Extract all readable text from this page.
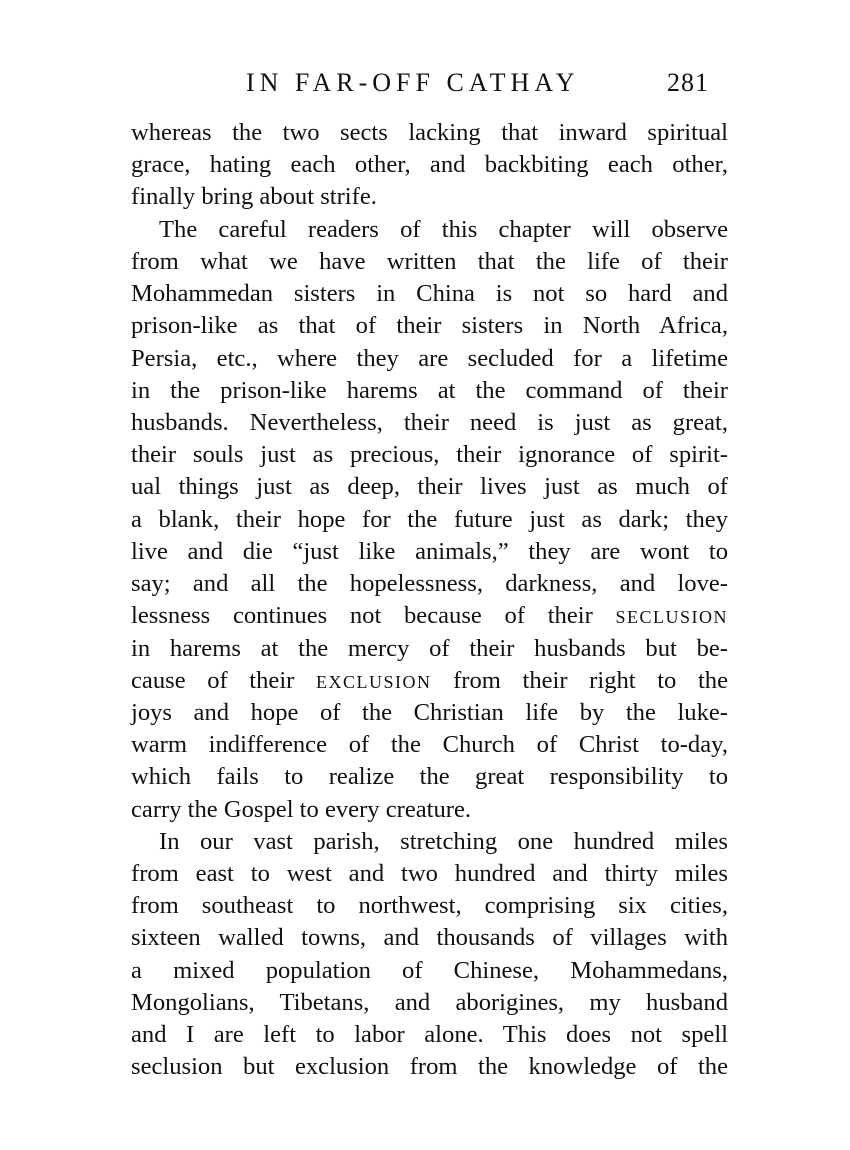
IN FAR-OFF CATHAY	281
whereas the two sects lacking that inward spiritual
grace, hating each other, and backbiting each other,
finally bring about strife.
The careful readers of this chapter will observe
from what we have written that the life of their
Mohammedan sisters in China is not so hard and
prison-like as that of their sisters in North Africa,
Persia, etc., where they are secluded for a lifetime
in the prison-like harems at the command of their
husbands. Nevertheless, their need is just as great,
their souls just as precious, their ignorance of spirit-
ual things just as deep, their lives just as much of
a blank, their hope for the future just as dark; they
live and die “just like animals,” they are wont to
say; and all the hopelessness, darkness, and love-
lessness continues not because of their SECLUSION
in harems at the mercy of their husbands but be-
cause of their EXCLUSION from their right to the
joys and hope of the Christian life by the luke-
warm indifference of the Church of Christ to-day,
which fails to realize the great responsibility to
carry the Gospel to every creature.
In our vast parish, stretching one hundred miles
from east to west and two hundred and thirty miles
from southeast to northwest, comprising six cities,
sixteen walled towns, and thousands of villages with
a mixed population of Chinese, Mohammedans,
Mongolians, Tibetans, and aborigines, my husband
and I are left to labor alone. This does not spell
seclusion but exclusion from the knowledge of the
